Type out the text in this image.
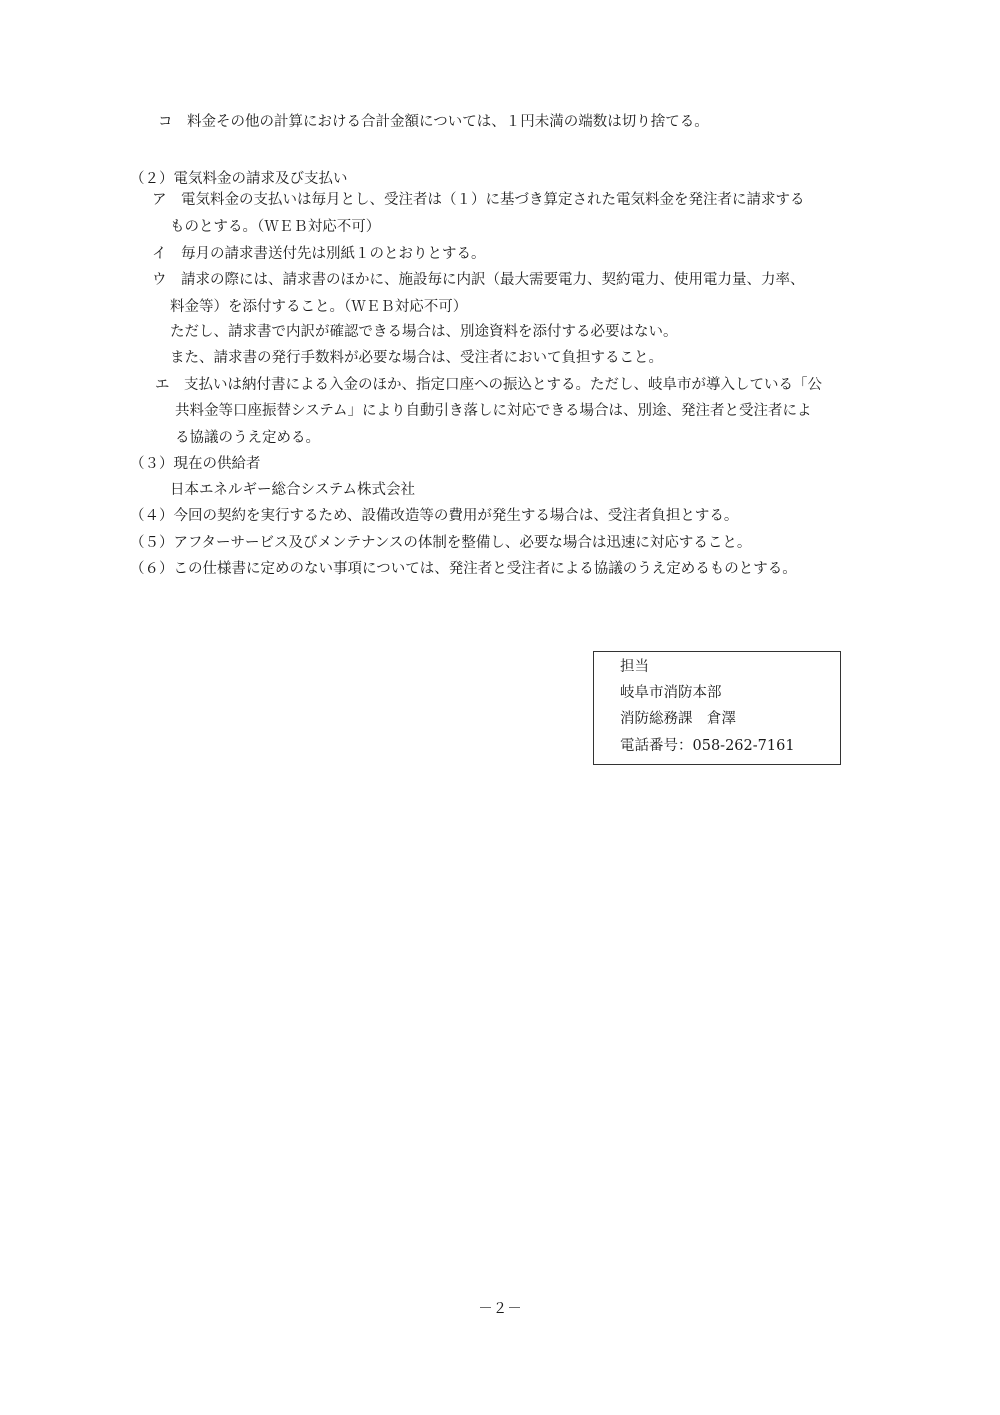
コ　料金その他の計算における合計金額については、１円未満の端数は切り捨てる。
（２）電気料金の請求及び支払い
ア　電気料金の支払いは毎月とし、受注者は（１）に基づき算定された電気料金を発注者に請求する
ものとする。（ＷＥＢ対応不可）
イ　毎月の請求書送付先は別紙１のとおりとする。
ウ　請求の際には、請求書のほかに、施設毎に内訳（最大需要電力、契約電力、使用電力量、力率、
料金等）を添付すること。（ＷＥＢ対応不可）
ただし、請求書で内訳が確認できる場合は、別途資料を添付する必要はない。
また、請求書の発行手数料が必要な場合は、受注者において負担すること。
エ　支払いは納付書による入金のほか、指定口座への振込とする。ただし、岐阜市が導入している「公
共料金等口座振替システム」により自動引き落しに対応できる場合は、別途、発注者と受注者によ
る協議のうえ定める。
（３）現在の供給者
日本エネルギー総合システム株式会社
（４）今回の契約を実行するため、設備改造等の費用が発生する場合は、受注者負担とする。
（５）アフターサービス及びメンテナンスの体制を整備し、必要な場合は迅速に対応すること。
（６）この仕様書に定めのない事項については、発注者と受注者による協議のうえ定めるものとする。
担当
岐阜市消防本部
消防総務課　倉澤
電話番号：058-262-7161
－２－
